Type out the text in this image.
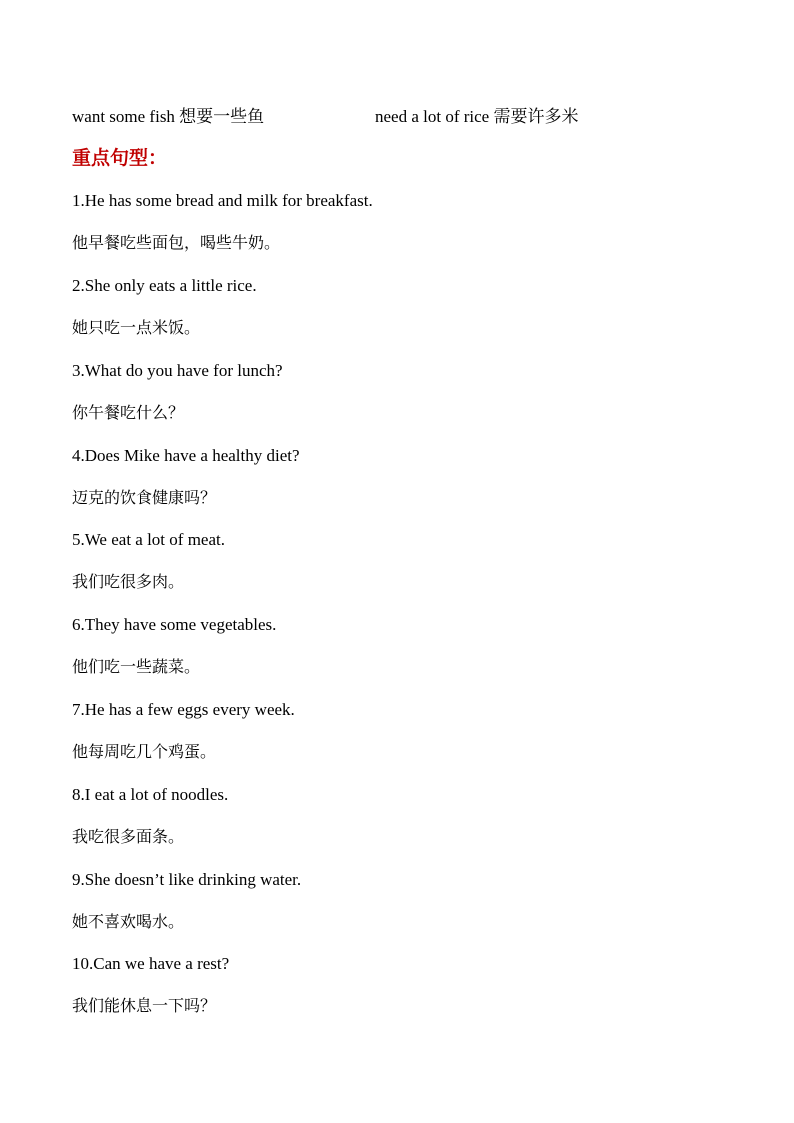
want some fish 想要一些鱼	need a lot of rice 需要许多米
重点句型：
1.He has some bread and milk for breakfast.
他早餐吃些面包，喝些牛奶。
2.She only eats a little rice.
她只吃一点米饭。
3.What do you have for lunch?
你午餐吃什么？
4.Does Mike have a healthy diet?
迈克的饮食健康吗？
5.We eat a lot of meat.
我们吃很多肉。
6.They have some vegetables.
他们吃一些蔬菜。
7.He has a few eggs every week.
他每周吃几个鸡蛋。
8.I eat a lot of noodles.
我吃很多面条。
9.She doesn’t like drinking water.
她不喜欢喝水。
10.Can we have a rest?
我们能休息一下吗？
